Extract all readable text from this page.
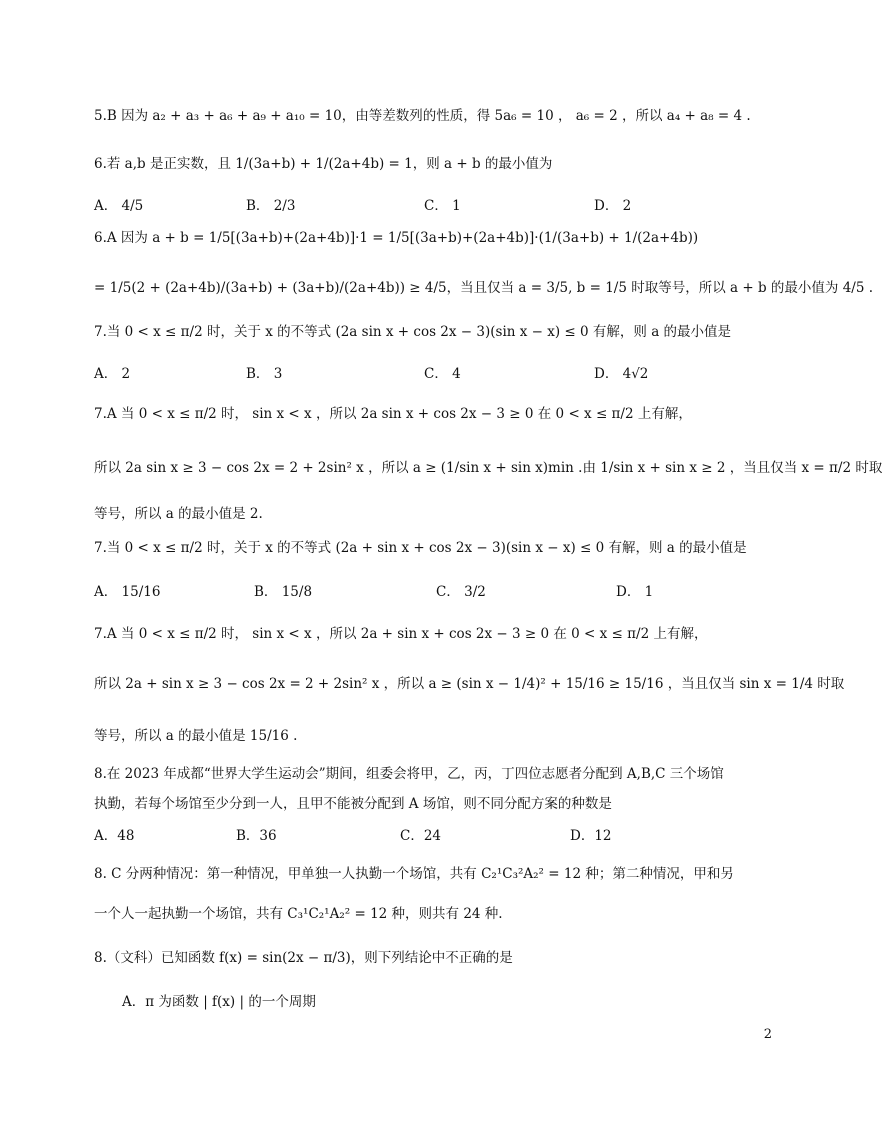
5.B 因为 a₂ + a₃ + a₆ + a₉ + a₁₀ = 10，由等差数列的性质，得 5a₆ = 10 ， a₆ = 2 ，所以 a₄ + a₈ = 4 .
6.若 a,b 是正实数，且 1/(3a+b) + 1/(2a+4b) = 1，则 a + b 的最小值为
6.A 因为 a + b = 1/5[(3a+b)+(2a+4b)]·1 = 1/5[(3a+b)+(2a+4b)]·(1/(3a+b) + 1/(2a+4b))
= 1/5(2 + (2a+4b)/(3a+b) + (3a+b)/(2a+4b)) ≥ 4/5，当且仅当 a = 3/5, b = 1/5 时取等号，所以 a + b 的最小值为 4/5 .
7.当 0 < x ≤ π/2 时，关于 x 的不等式 (2a sin x + cos 2x − 3)(sin x − x) ≤ 0 有解，则 a 的最小值是
7.A 当 0 < x ≤ π/2 时， sin x < x ，所以 2a sin x + cos 2x − 3 ≥ 0 在 0 < x ≤ π/2 上有解，
所以 2a sin x ≥ 3 − cos 2x = 2 + 2sin² x ，所以 a ≥ (1/sin x + sin x)min .由 1/sin x + sin x ≥ 2 ，当且仅当 x = π/2 时取
等号，所以 a 的最小值是 2.
7.当 0 < x ≤ π/2 时，关于 x 的不等式 (2a + sin x + cos 2x − 3)(sin x − x) ≤ 0 有解，则 a 的最小值是
7.A 当 0 < x ≤ π/2 时， sin x < x ，所以 2a + sin x + cos 2x − 3 ≥ 0 在 0 < x ≤ π/2 上有解，
所以 2a + sin x ≥ 3 − cos 2x = 2 + 2sin² x ，所以 a ≥ (sin x − 1/4)² + 15/16 ≥ 15/16 ，当且仅当 sin x = 1/4 时取
等号，所以 a 的最小值是 15/16 .
8.在 2023 年成都“世界大学生运动会”期间，组委会将甲，乙，丙，丁四位志愿者分配到 A,B,C 三个场馆
执勤，若每个场馆至少分到一人，且甲不能被分配到 A 场馆，则不同分配方案的种数是
8. C 分两种情况：第一种情况，甲单独一人执勤一个场馆，共有 C₂¹C₃²A₂² = 12 种；第二种情况，甲和另
一个人一起执勤一个场馆，共有 C₃¹C₂¹A₂² = 12 种，则共有 24 种.
8.（文科）已知函数 f(x) = sin(2x − π/3)，则下列结论中不正确的是
A．π 为函数 | f(x) | 的一个周期
A． 4/5	B． 2/3	C． 1	D． 2
A． 2	B． 3	C． 4	D． 4√2
A． 15/16	B． 15/8	C． 3/2	D． 1
A．48	B．36	C．24	D．12
2
